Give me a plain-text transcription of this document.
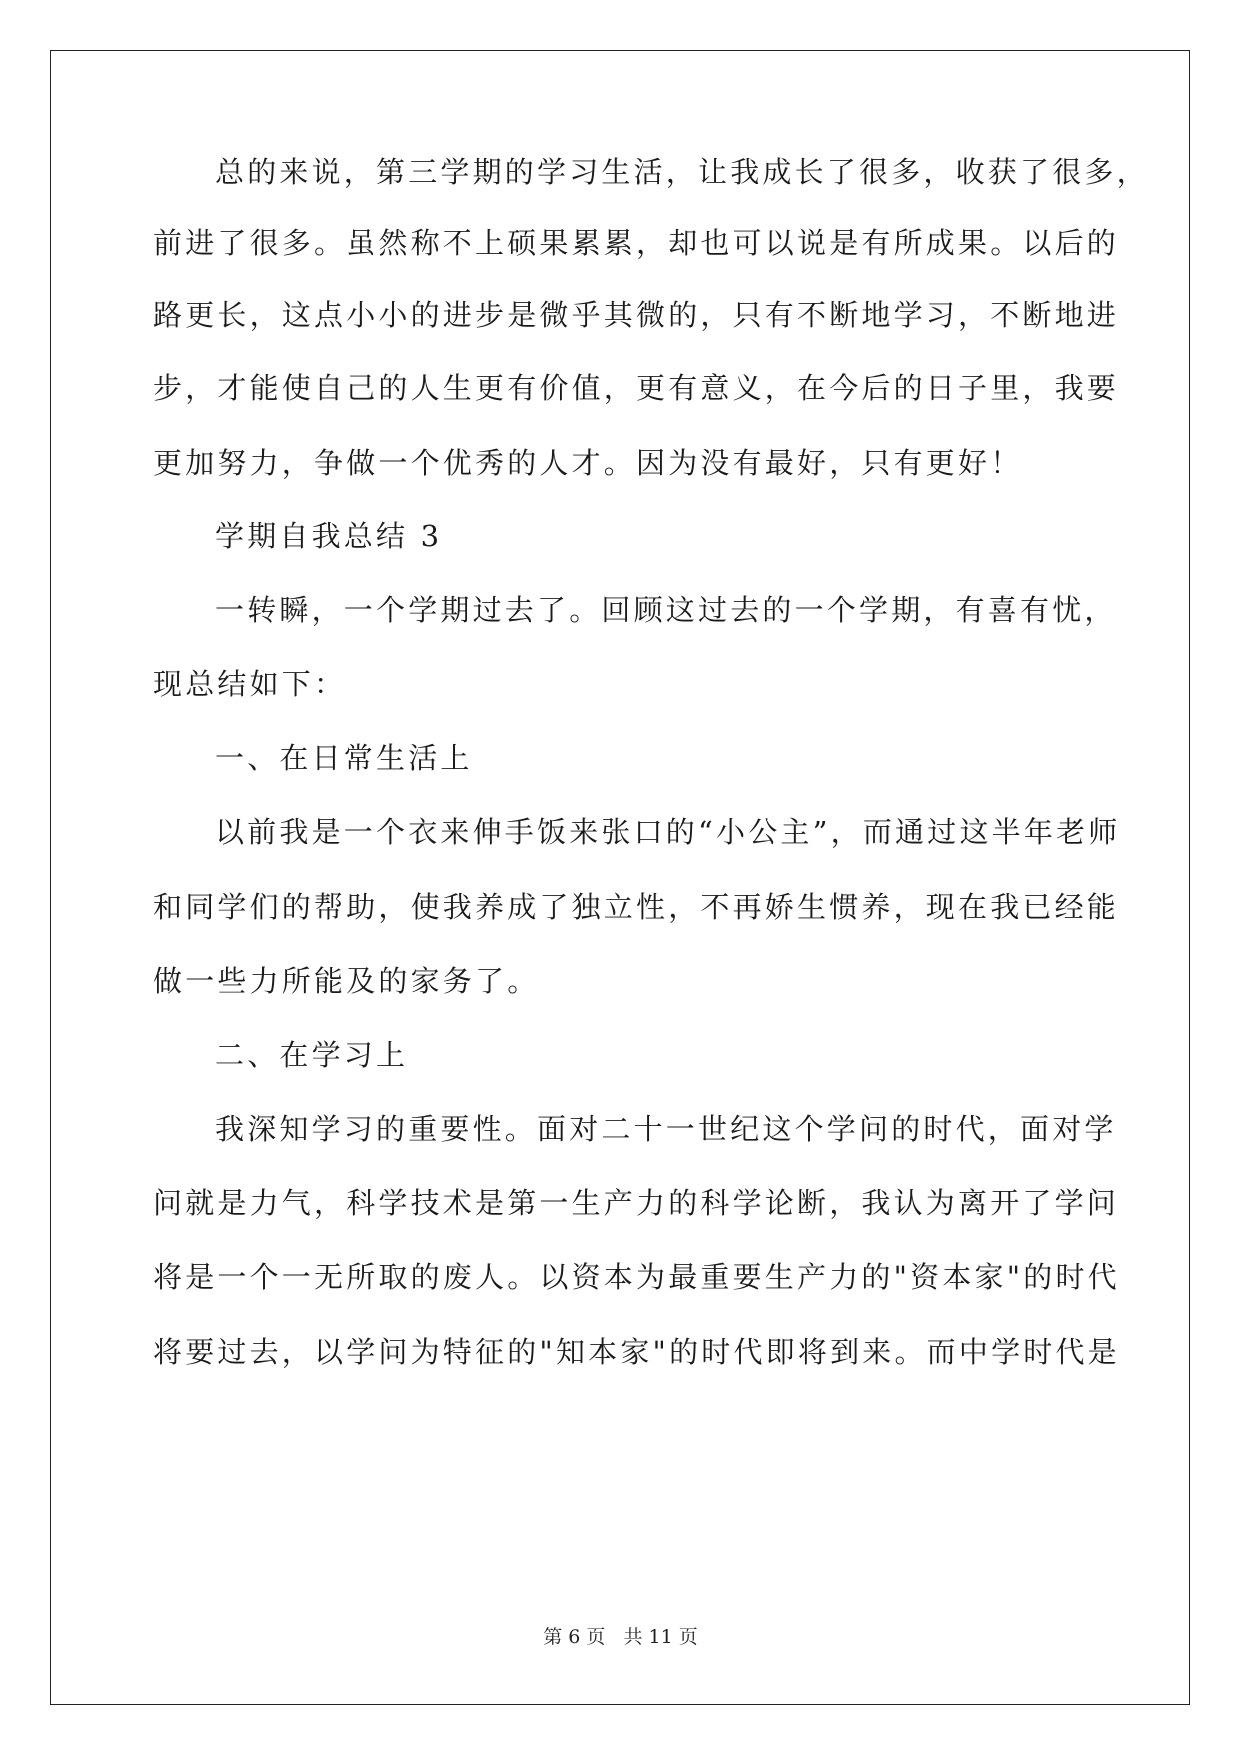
总的来说，第三学期的学习生活，让我成长了很多，收获了很多，
前进了很多。虽然称不上硕果累累，却也可以说是有所成果。以后的
路更长，这点小小的进步是微乎其微的，只有不断地学习，不断地进
步，才能使自己的人生更有价值，更有意义，在今后的日子里，我要
更加努力，争做一个优秀的人才。因为没有最好，只有更好！
学期自我总结 3
一转瞬，一个学期过去了。回顾这过去的一个学期，有喜有忧，
现总结如下：
一、在日常生活上
以前我是一个衣来伸手饭来张口的“小公主”，而通过这半年老师
和同学们的帮助，使我养成了独立性，不再娇生惯养，现在我已经能
做一些力所能及的家务了。
二、在学习上
我深知学习的重要性。面对二十一世纪这个学问的时代，面对学
问就是力气，科学技术是第一生产力的科学论断，我认为离开了学问
将是一个一无所取的废人。以资本为最重要生产力的"资本家"的时代
将要过去，以学问为特征的"知本家"的时代即将到来。而中学时代是
第 6 页 共 11 页
